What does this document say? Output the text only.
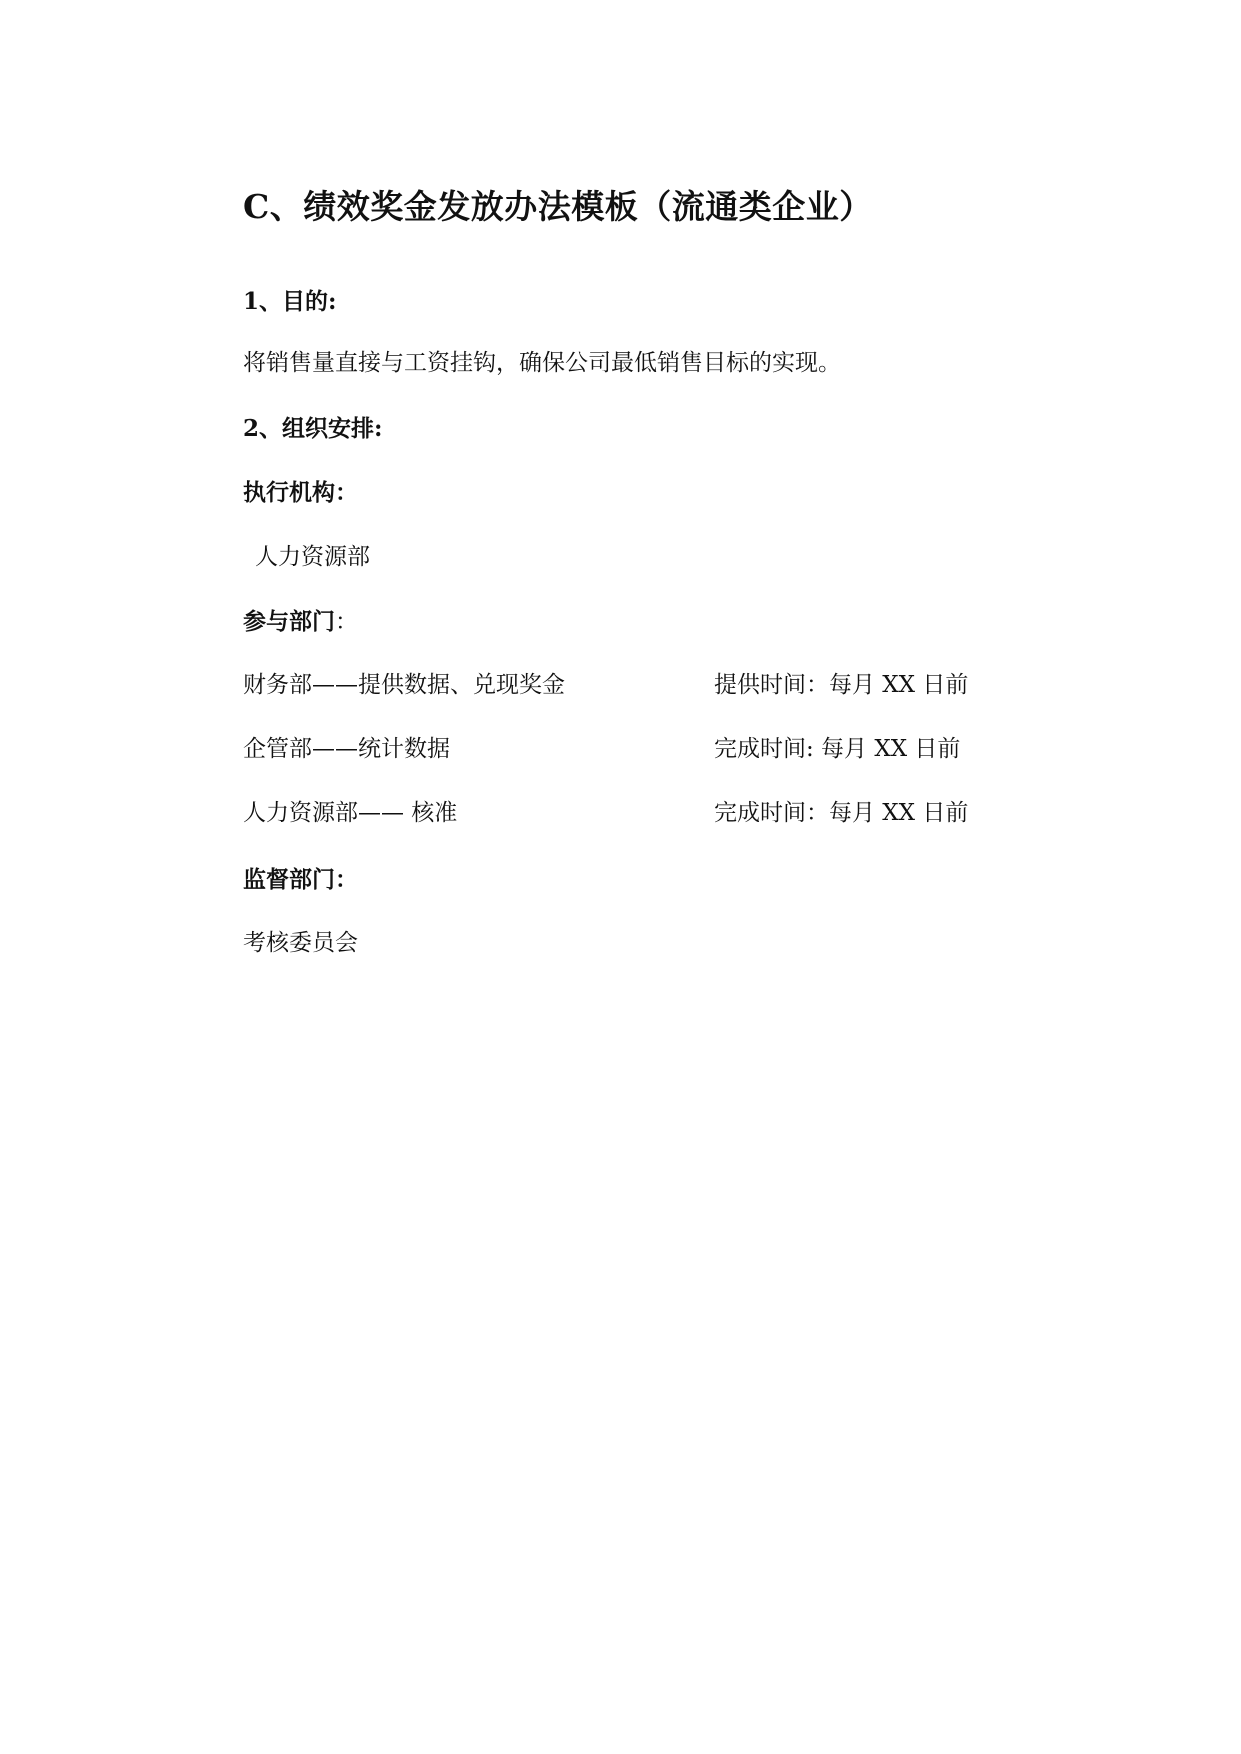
C、绩效奖金发放办法模板（流通类企业）
1、目的:
将销售量直接与工资挂钩，确保公司最低销售目标的实现。
2、组织安排:
执行机构：
人力资源部
参与部门：
财务部——提供数据、兑现奖金	提供时间：每月 XX 日前
企管部——统计数据	完成时间: 每月 XX 日前
人力资源部—— 核准	完成时间：每月 XX 日前
监督部门：
考核委员会
